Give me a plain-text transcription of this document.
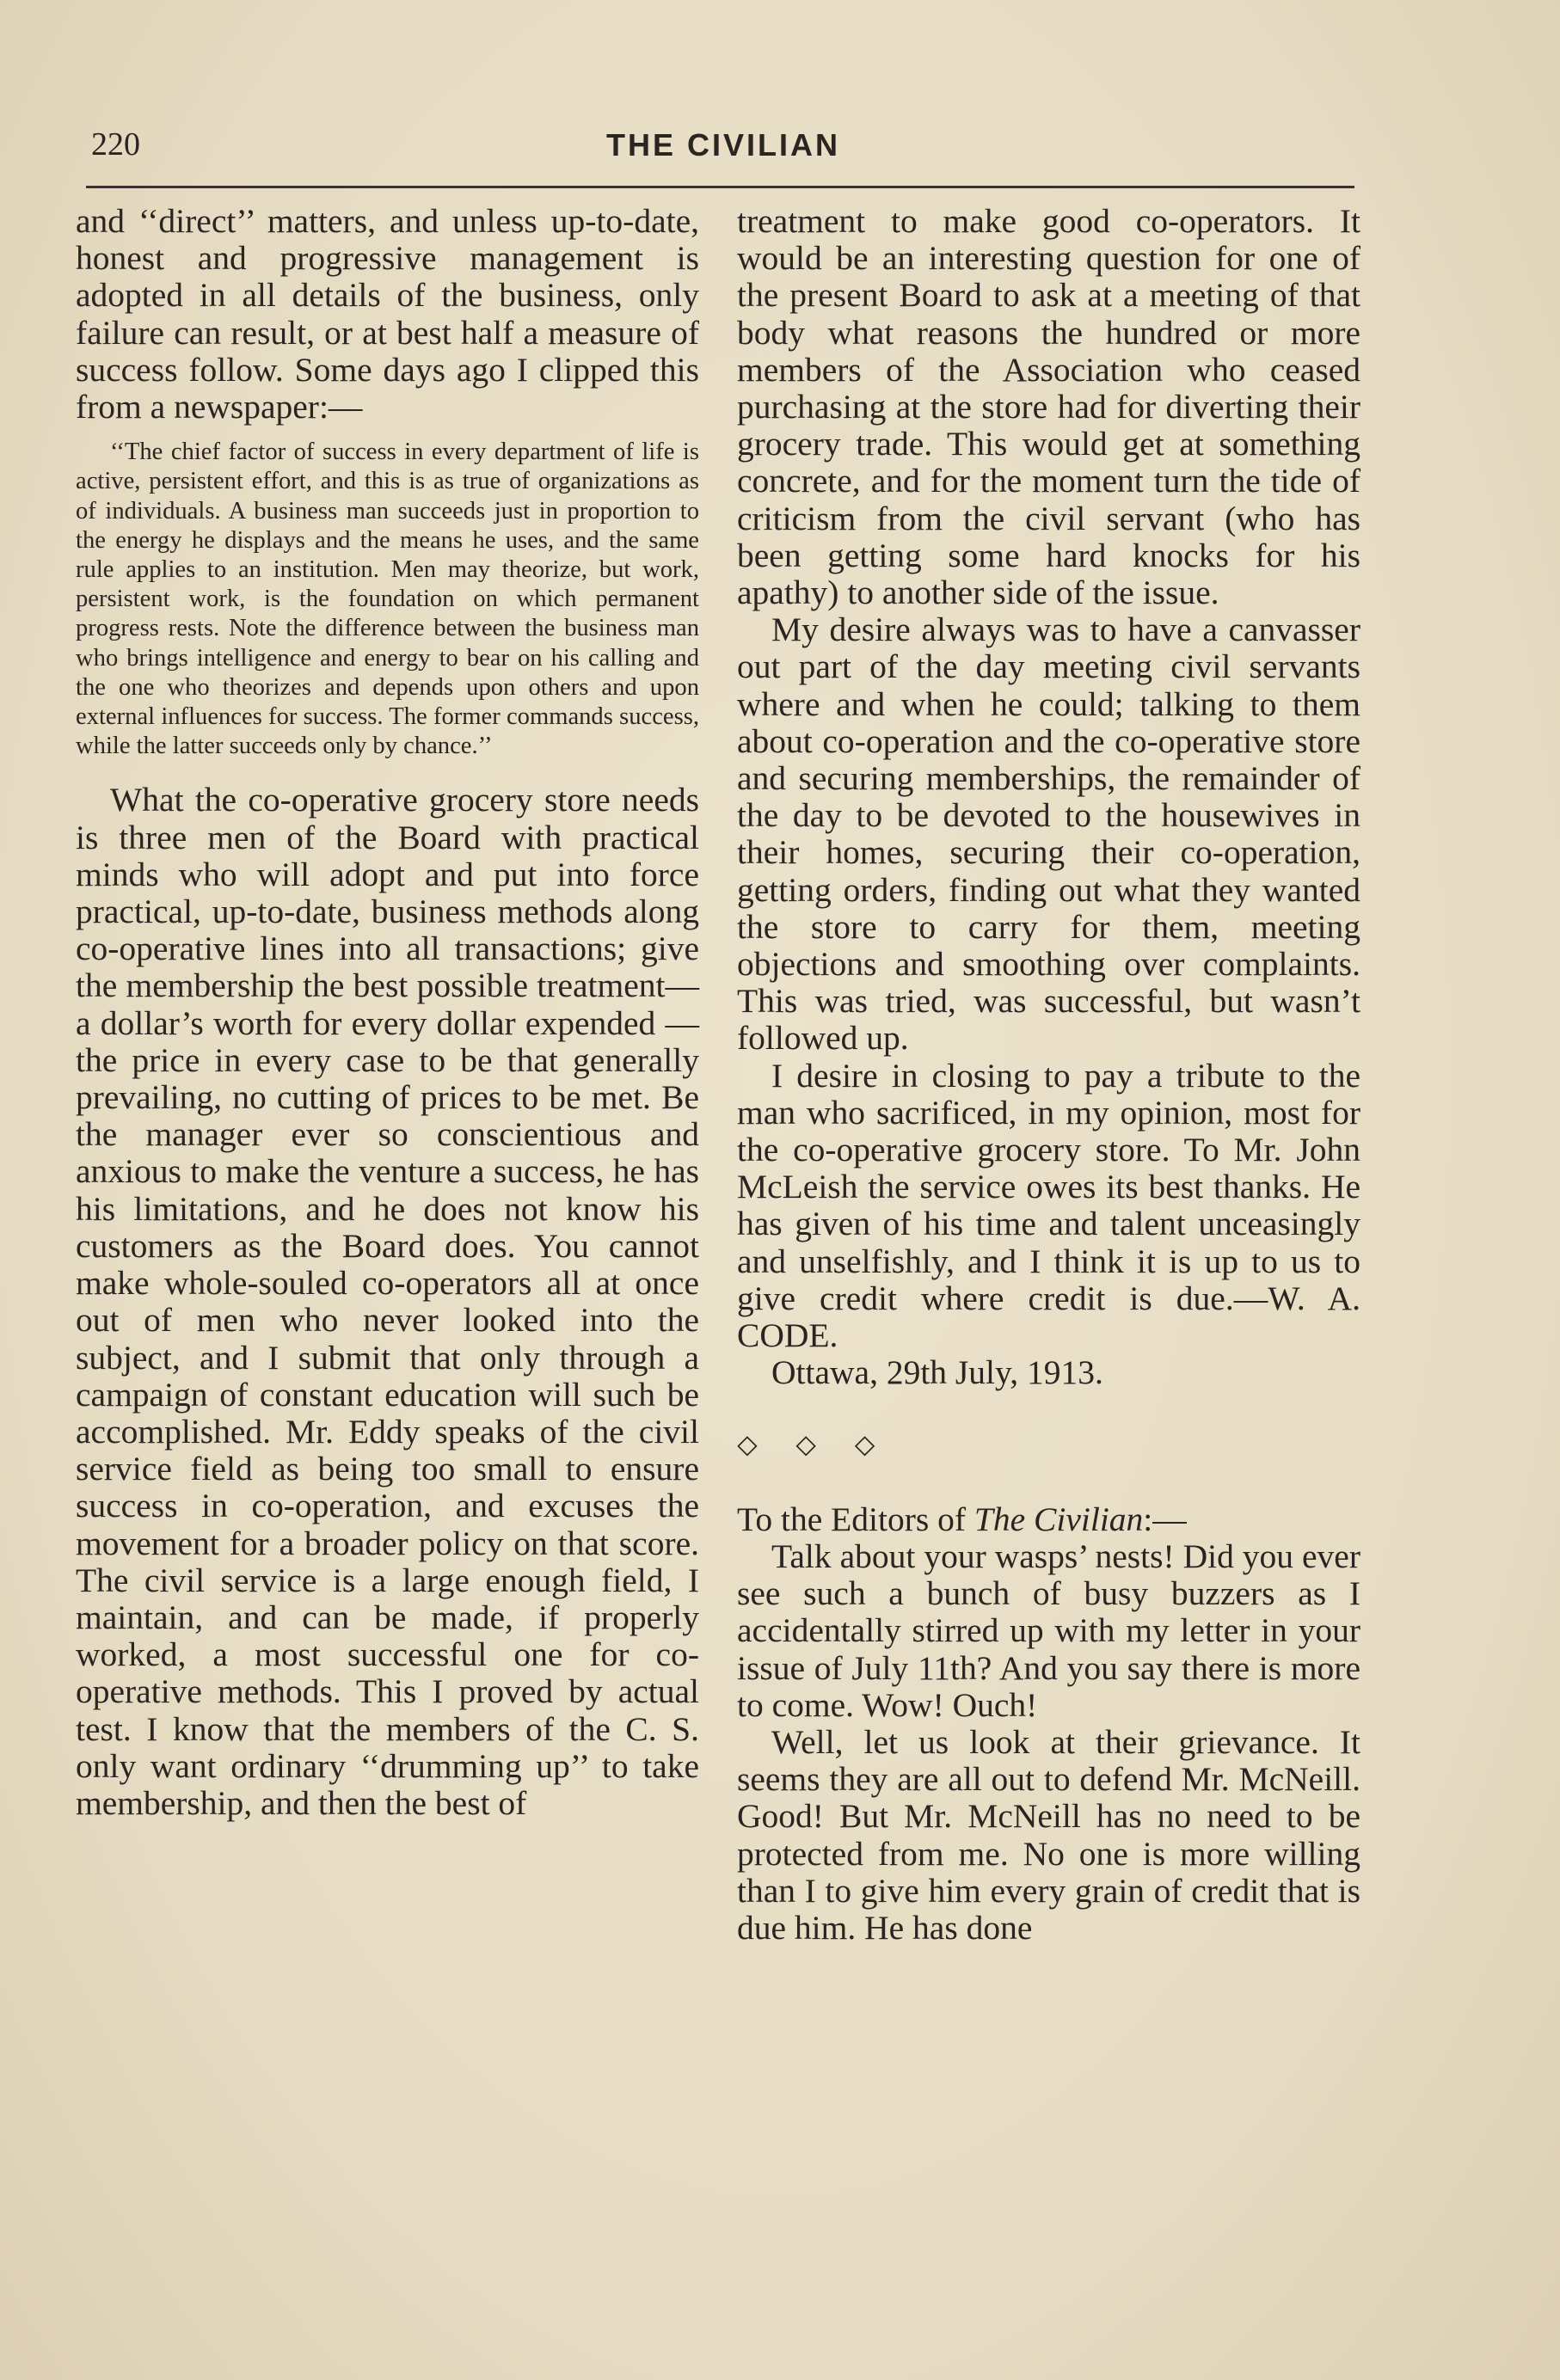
220	THE CIVILIAN

and ‘‘direct’’ matters, and unless up-to-date, honest and progressive management is adopted in all details of the business, only failure can result, or at best half a measure of success follow. Some days ago I clipped this from a newspaper:—

‘‘The chief factor of success in every department of life is active, persistent effort, and this is as true of organizations as of individuals. A business man succeeds just in proportion to the energy he displays and the means he uses, and the same rule applies to an institution. Men may theorize, but work, persistent work, is the foundation on which permanent progress rests. Note the difference between the business man who brings intelligence and energy to bear on his calling and the one who theorizes and depends upon others and upon external influences for success. The former commands success, while the latter succeeds only by chance.’’

What the co-operative grocery store needs is three men of the Board with practical minds who will adopt and put into force practical, up-to-date, business methods along co-operative lines into all transactions; give the membership the best possible treatment—a dollar’s worth for every dollar expended — the price in every case to be that generally prevailing, no cutting of prices to be met. Be the manager ever so conscientious and anxious to make the venture a success, he has his limitations, and he does not know his customers as the Board does. You cannot make whole-souled co-operators all at once out of men who never looked into the subject, and I submit that only through a campaign of constant education will such be accomplished. Mr. Eddy speaks of the civil service field as being too small to ensure success in co-operation, and excuses the movement for a broader policy on that score. The civil service is a large enough field, I maintain, and can be made, if properly worked, a most successful one for co-operative methods. This I proved by actual test. I know that the members of the C. S. only want ordinary ‘‘drumming up’’ to take membership, and then the best of

treatment to make good co-operators. It would be an interesting question for one of the present Board to ask at a meeting of that body what reasons the hundred or more members of the Association who ceased purchasing at the store had for diverting their grocery trade. This would get at something concrete, and for the moment turn the tide of criticism from the civil servant (who has been getting some hard knocks for his apathy) to another side of the issue.

My desire always was to have a canvasser out part of the day meeting civil servants where and when he could; talking to them about co-operation and the co-operative store and securing memberships, the remainder of the day to be devoted to the housewives in their homes, securing their co-operation, getting orders, finding out what they wanted the store to carry for them, meeting objections and smoothing over complaints. This was tried, was successful, but wasn’t followed up.

I desire in closing to pay a tribute to the man who sacrificed, in my opinion, most for the co-operative grocery store. To Mr. John McLeish the service owes its best thanks. He has given of his time and talent unceasingly and unselfishly, and I think it is up to us to give credit where credit is due.—W. A. CODE.

Ottawa, 29th July, 1913.

⬦ ⬦ ⬦

To the Editors of The Civilian:—

Talk about your wasps’ nests! Did you ever see such a bunch of busy buzzers as I accidentally stirred up with my letter in your issue of July 11th? And you say there is more to come. Wow! Ouch!

Well, let us look at their grievance. It seems they are all out to defend Mr. McNeill. Good! But Mr. McNeill has no need to be protected from me. No one is more willing than I to give him every grain of credit that is due him. He has done
